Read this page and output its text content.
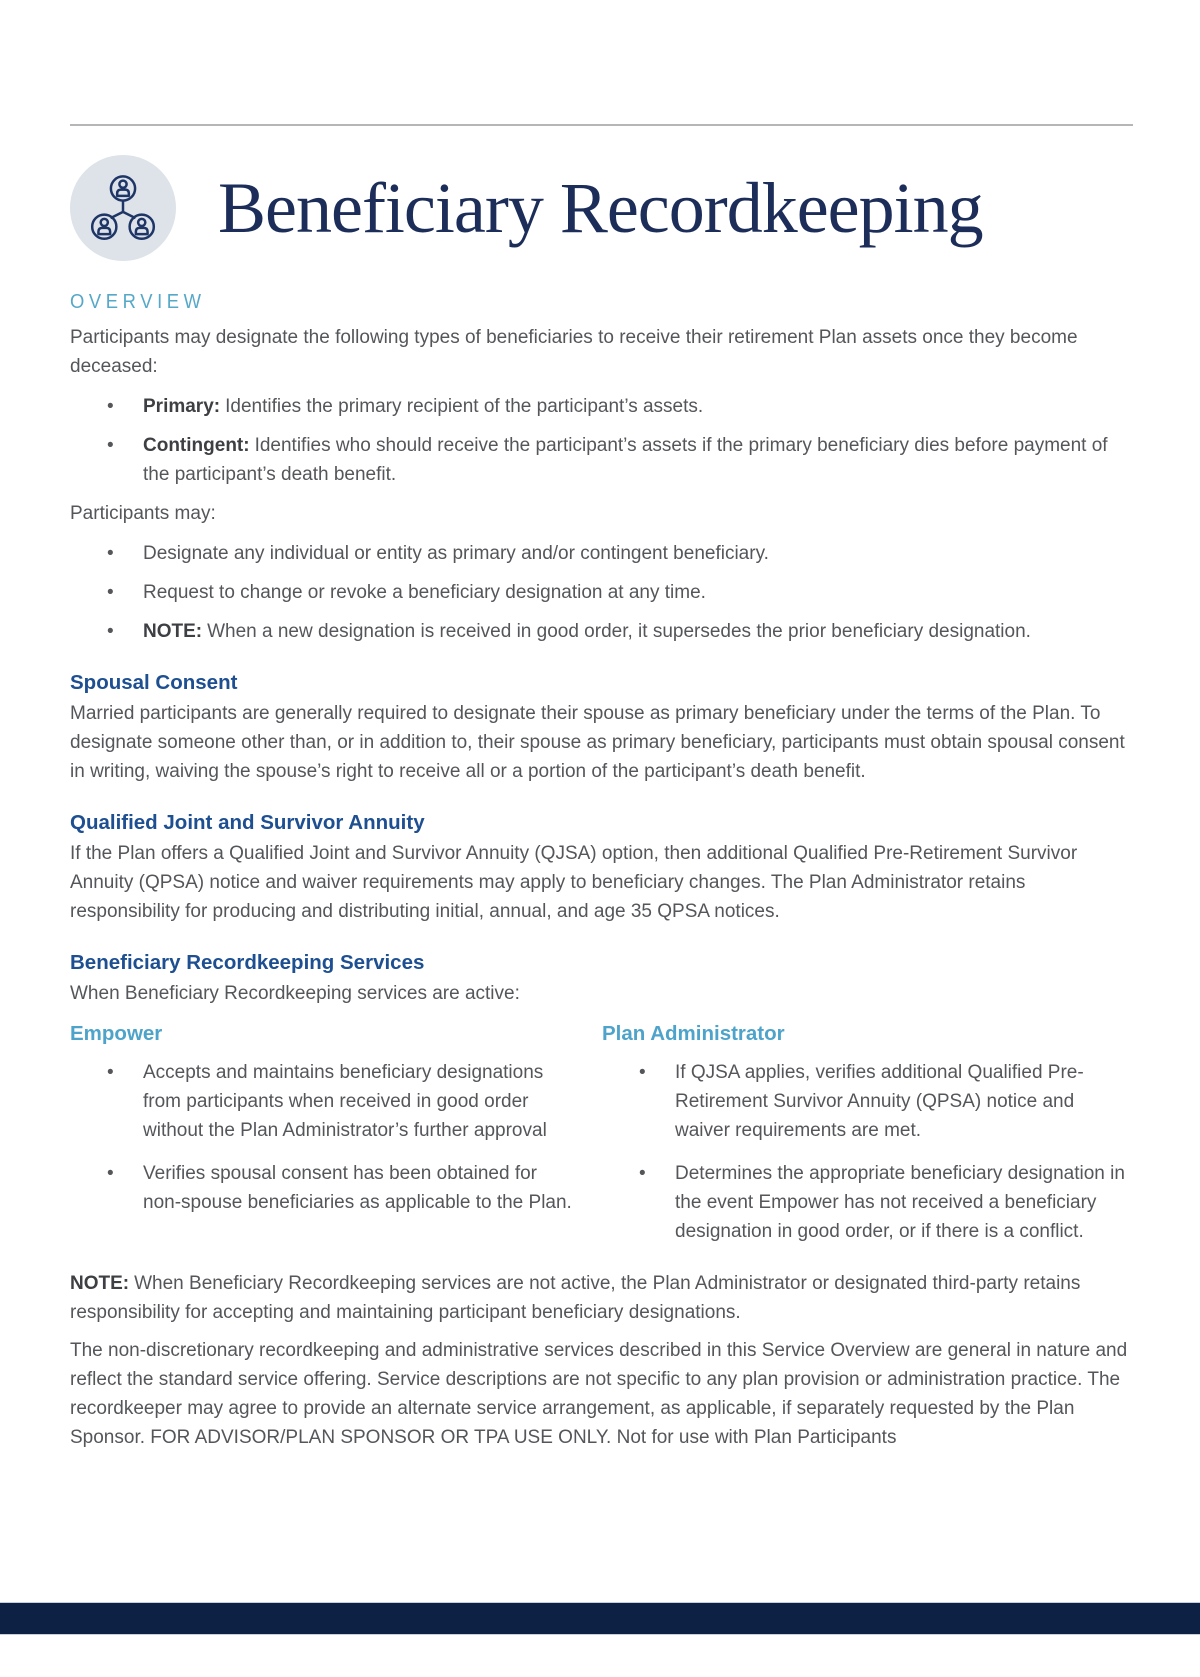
Beneficiary Recordkeeping
OVERVIEW

Participants may designate the following types of beneficiaries to receive their retirement Plan assets once they become deceased:

• Primary: Identifies the primary recipient of the participant’s assets.
• Contingent: Identifies who should receive the participant’s assets if the primary beneficiary dies before payment of the participant’s death benefit.

Participants may:

• Designate any individual or entity as primary and/or contingent beneficiary.
• Request to change or revoke a beneficiary designation at any time.
• NOTE: When a new designation is received in good order, it supersedes the prior beneficiary designation.
Spousal Consent

Married participants are generally required to designate their spouse as primary beneficiary under the terms of the Plan. To designate someone other than, or in addition to, their spouse as primary beneficiary, participants must obtain spousal consent in writing, waiving the spouse’s right to receive all or a portion of the participant’s death benefit.

Qualified Joint and Survivor Annuity

If the Plan offers a Qualified Joint and Survivor Annuity (QJSA) option, then additional Qualified Pre-Retirement Survivor Annuity (QPSA) notice and waiver requirements may apply to beneficiary changes. The Plan Administrator retains responsibility for producing and distributing initial, annual, and age 35 QPSA notices.

Beneficiary Recordkeeping Services

When Beneficiary Recordkeeping services are active:

Empower
• Accepts and maintains beneficiary designations from participants when received in good order without the Plan Administrator’s further approval
• Verifies spousal consent has been obtained for non-spouse beneficiaries as applicable to the Plan.
Plan Administrator
• If QJSA applies, verifies additional Qualified Pre-Retirement Survivor Annuity (QPSA) notice and waiver requirements are met.
• Determines the appropriate beneficiary designation in the event Empower has not received a beneficiary designation in good order, or if there is a conflict.

NOTE: When Beneficiary Recordkeeping services are not active, the Plan Administrator or designated third-party retains responsibility for accepting and maintaining participant beneficiary designations.

The non-discretionary recordkeeping and administrative services described in this Service Overview are general in nature and reflect the standard service offering. Service descriptions are not specific to any plan provision or administration practice. The recordkeeper may agree to provide an alternate service arrangement, as applicable, if separately requested by the Plan Sponsor. FOR ADVISOR/PLAN SPONSOR OR TPA USE ONLY. Not for use with Plan Participants
